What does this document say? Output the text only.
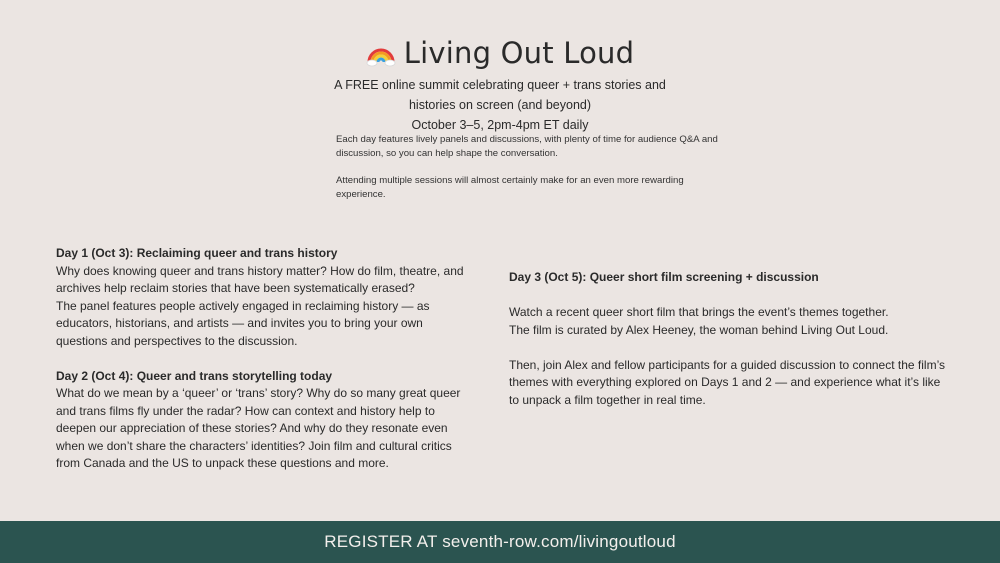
Living Out Loud
A FREE online summit celebrating queer + trans stories and
histories on screen (and beyond)
October 3–5, 2pm-4pm ET daily

Each day features lively panels and discussions, with plenty of time for audience Q&A and discussion, so you can help shape the conversation.

Attending multiple sessions will almost certainly make for an even more rewarding experience.

Day 1 (Oct 3): Reclaiming queer and trans history
Why does knowing queer and trans history matter? How do film, theatre, and archives help reclaim stories that have been systematically erased?
The panel features people actively engaged in reclaiming history — as educators, historians, and artists — and invites you to bring your own questions and perspectives to the discussion.
Day 2 (Oct 4): Queer and trans storytelling today
What do we mean by a ‘queer’ or ‘trans’ story? Why do so many great queer and trans films fly under the radar? How can context and history help to deepen our appreciation of these stories? And why do they resonate even when we don’t share the characters’ identities? Join film and cultural critics from Canada and the US to unpack these questions and more.
Day 3 (Oct 5): Queer short film screening + discussion
Watch a recent queer short film that brings the event’s themes together.
The film is curated by Alex Heeney, the woman behind Living Out Loud.
Then, join Alex and fellow participants for a guided discussion to connect the film’s themes with everything explored on Days 1 and 2 — and experience what it’s like to unpack a film together in real time.
REGISTER AT seventh-row.com/livingoutloud
